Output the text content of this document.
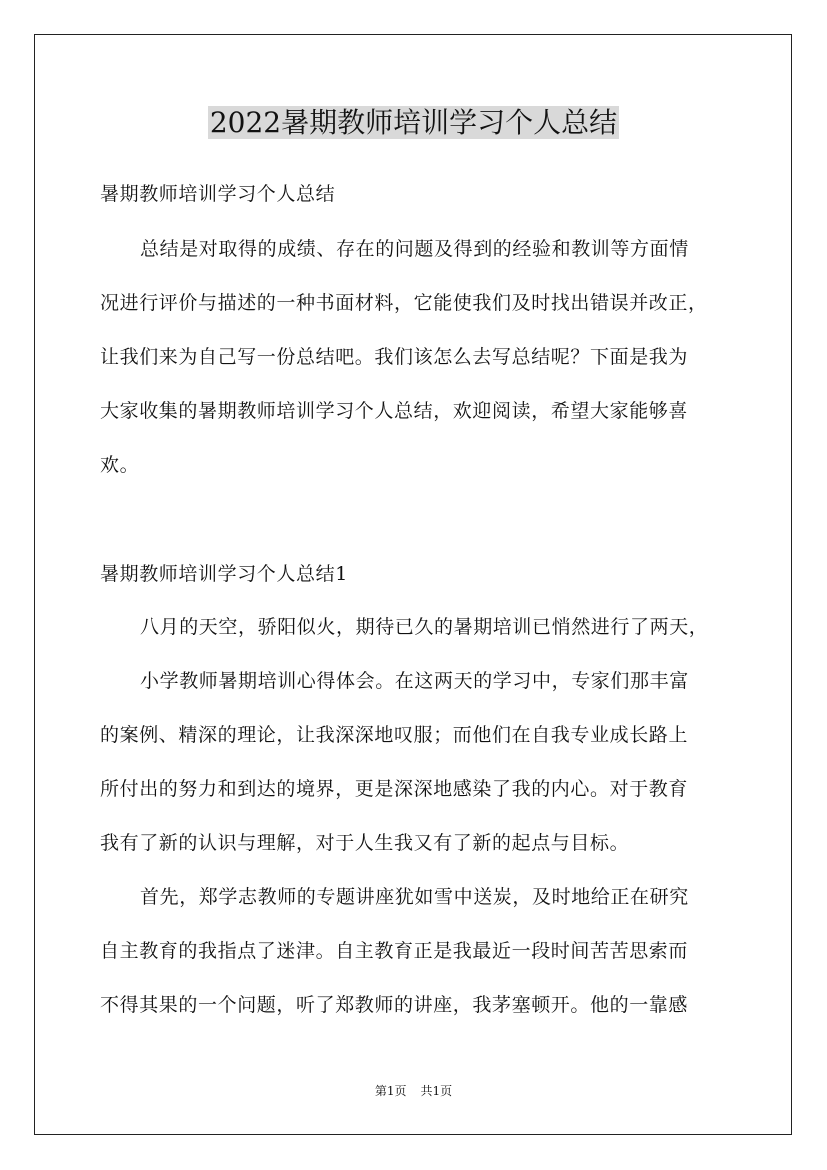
2022暑期教师培训学习个人总结
暑期教师培训学习个人总结
总结是对取得的成绩、存在的问题及得到的经验和教训等方面情
况进行评价与描述的一种书面材料，它能使我们及时找出错误并改正，
让我们来为自己写一份总结吧。我们该怎么去写总结呢？下面是我为
大家收集的暑期教师培训学习个人总结，欢迎阅读，希望大家能够喜
欢。
暑期教师培训学习个人总结1
八月的天空，骄阳似火，期待已久的暑期培训已悄然进行了两天，
小学教师暑期培训心得体会。在这两天的学习中，专家们那丰富
的案例、精深的理论，让我深深地叹服；而他们在自我专业成长路上
所付出的努力和到达的境界，更是深深地感染了我的内心。对于教育
我有了新的认识与理解，对于人生我又有了新的起点与目标。
首先，郑学志教师的专题讲座犹如雪中送炭，及时地给正在研究
自主教育的我指点了迷津。自主教育正是我最近一段时间苦苦思索而
不得其果的一个问题，听了郑教师的讲座，我茅塞顿开。他的一靠感
第1页 共1页
